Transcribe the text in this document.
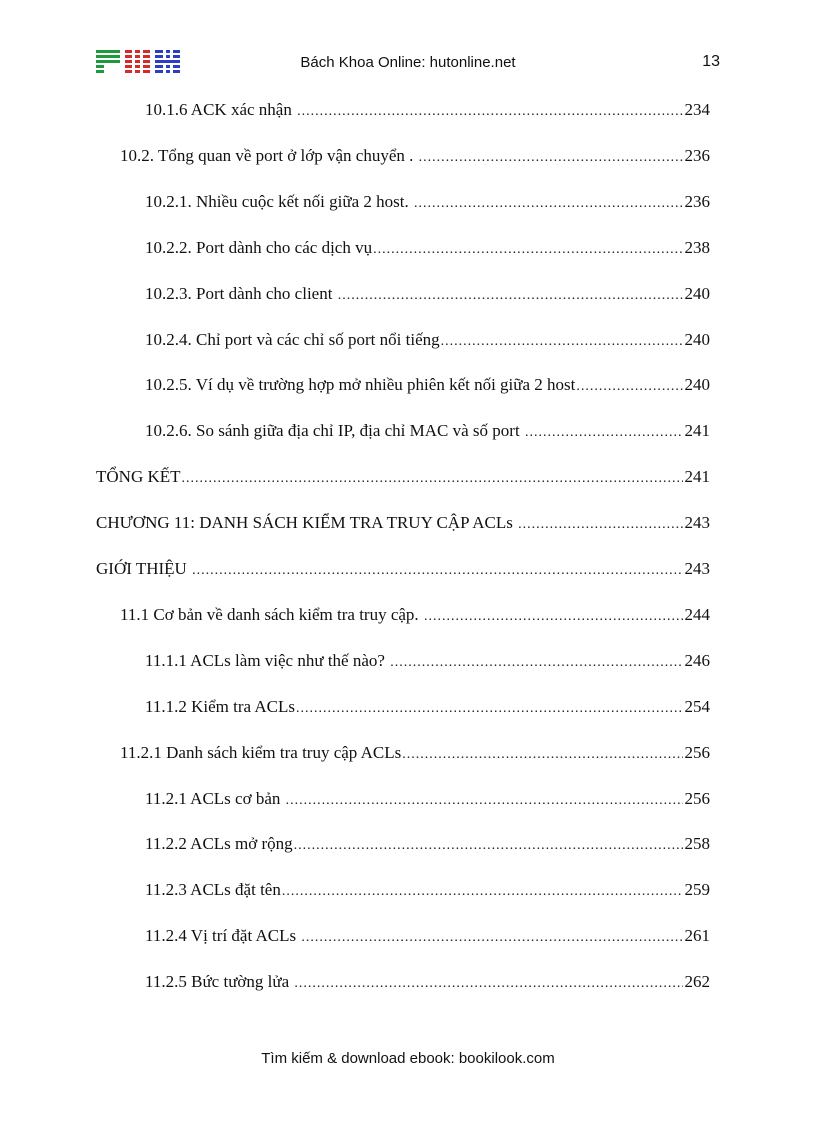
Bách Khoa Online: hutonline.net	13
10.1.6 ACK xác nhận .....	234
10.2. Tổng quan về port ở lớp vận chuyển . .....	236
10.2.1. Nhiều cuộc kết nối giữa 2 host. .....	236
10.2.2. Port dành cho các dịch vụ .....	238
10.2.3. Port dành cho client .....	240
10.2.4. Chỉ port và các chỉ số port nổi tiếng .....	240
10.2.5. Ví dụ về trường hợp mở nhiều phiên kết nối giữa 2 host .....	240
10.2.6. So sánh giữa địa chỉ IP, địa chỉ MAC và số port .....	241
TỔNG KẾT .....	241
CHƯƠNG 11: DANH SÁCH KIỂM TRA TRUY CẬP ACLs .....	243
GIỚI THIỆU .....	243
11.1 Cơ bản về danh sách kiểm tra truy cập. .....	244
11.1.1 ACLs làm việc như thế nào? .....	246
11.1.2 Kiểm tra ACLs .....	254
11.2.1 Danh sách kiểm tra truy cập ACLs .....	256
11.2.1 ACLs cơ bản .....	256
11.2.2 ACLs mở rộng .....	258
11.2.3 ACLs đặt tên .....	259
11.2.4 Vị trí đặt ACLs .....	261
11.2.5 Bức tường lửa .....	262
Tìm kiếm & download ebook: bookilook.com
